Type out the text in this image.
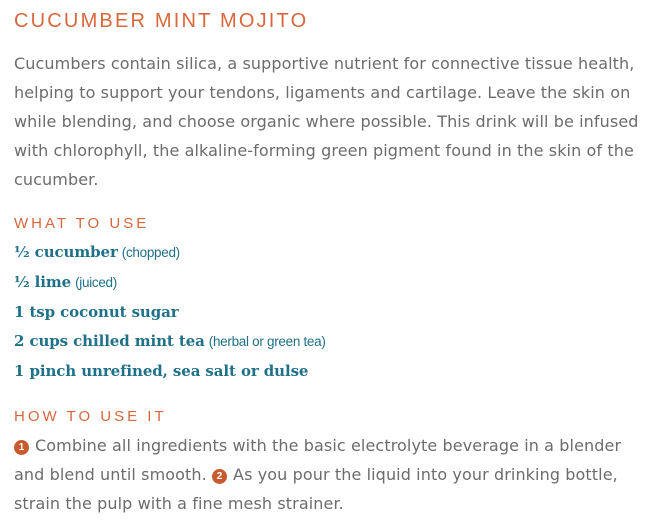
CUCUMBER MINT MOJITO

Cucumbers contain silica, a supportive nutrient for connective tissue health, helping to support your tendons, ligaments and cartilage. Leave the skin on while blending, and choose organic where possible. This drink will be infused with chlorophyll, the alkaline-forming green pigment found in the skin of the cucumber.

WHAT TO USE
½ cucumber (chopped)
½ lime (juiced)
1 tsp coconut sugar
2 cups chilled mint tea (herbal or green tea)
1 pinch unrefined, sea salt or dulse
HOW TO USE IT

1 Combine all ingredients with the basic electrolyte beverage in a blender and blend until smooth. 2 As you pour the liquid into your drinking bottle, strain the pulp with a fine mesh strainer.
